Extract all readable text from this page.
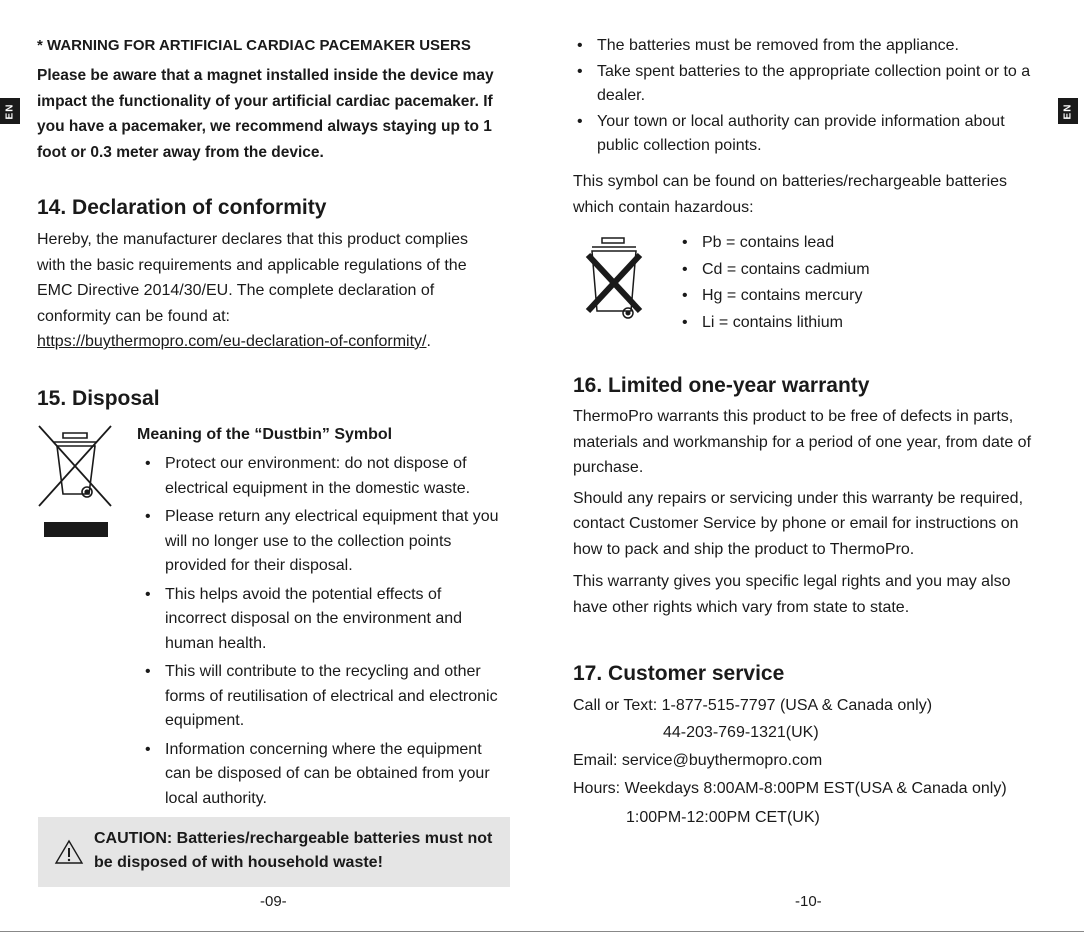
EN	EN
* WARNING FOR ARTIFICIAL CARDIAC PACEMAKER USERS
Please be aware that a magnet installed inside the device may
impact the functionality of your artificial cardiac pacemaker. If
you have a pacemaker, we recommend always staying up to 1
foot or 0.3 meter away from the device.
14. Declaration of conformity

Hereby, the manufacturer declares that this product complies

with the basic requirements and applicable regulations of the

EMC Directive 2014/30/EU. The complete declaration of

conformity can be found at:

https://buythermopro.com/eu-declaration-of-conformity/.

15. Disposal
Meaning of the “Dustbin” Symbol
• Protect our environment: do not dispose of electrical equipment in the domestic waste.
• Please return any electrical equipment that you will no longer use to the collection points provided for their disposal.
• This helps avoid the potential effects of incorrect disposal on the environment and human health.
• This will contribute to the recycling and other forms of reutilisation of electrical and electronic equipment.
• Information concerning where the equipment can be disposed of can be obtained from your local authority.
CAUTION: Batteries/rechargeable batteries must not
be disposed of with household waste!
-09-
• The batteries must be removed from the appliance.
• Take spent batteries to the appropriate collection point or to a dealer.
• Your town or local authority can provide information about public collection points.

This symbol can be found on batteries/rechargeable batteries

which contain hazardous:

• Pb = contains lead
• Cd = contains cadmium
• Hg = contains mercury
• Li = contains lithium
16. Limited one-year warranty

ThermoPro warrants this product to be free of defects in parts,

materials and workmanship for a period of one year, from date of

purchase.

Should any repairs or servicing under this warranty be required,

contact Customer Service by phone or email for instructions on

how to pack and ship the product to ThermoPro.

This warranty gives you specific legal rights and you may also

have other rights which vary from state to state.

17. Customer service
Call or Text: 1-877-515-7797 (USA & Canada only)
44-203-769-1321(UK)
Email: service@buythermopro.com
Hours: Weekdays 8:00AM-8:00PM EST(USA & Canada only)
1:00PM-12:00PM CET(UK)
-10-
